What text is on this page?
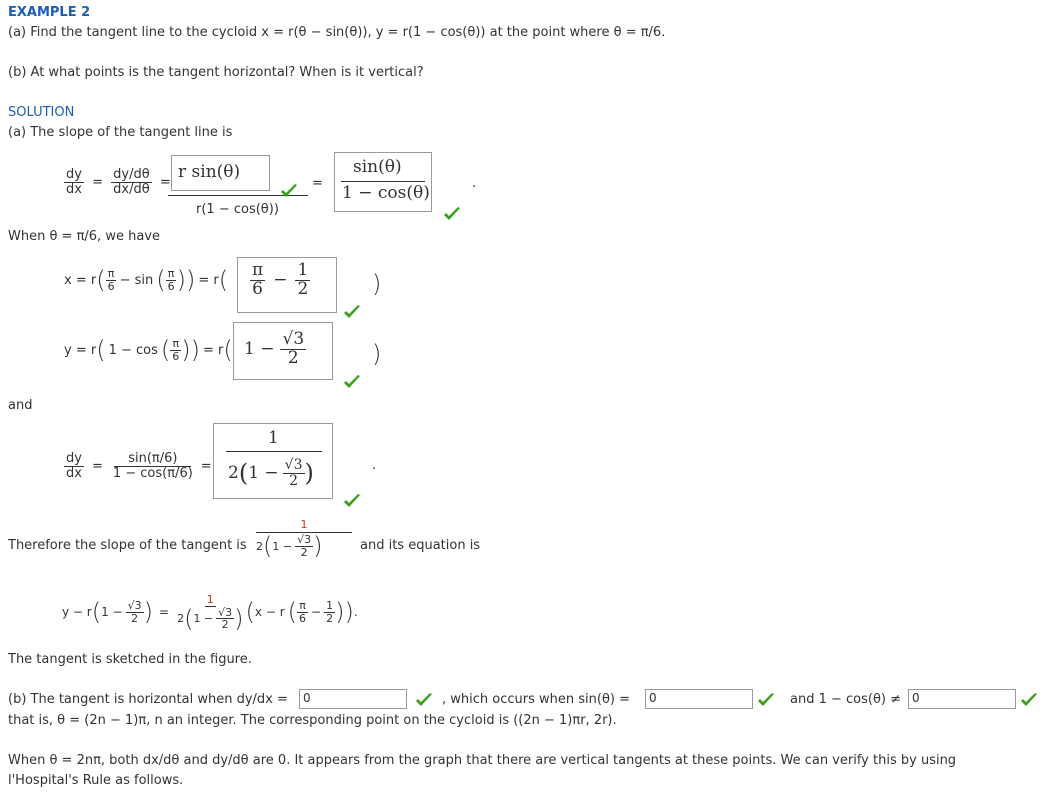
EXAMPLE 2
(a) Find the tangent line to the cycloid x = r(θ − sin(θ)), y = r(1 − cos(θ)) at the point where θ = π/6.
(b) At what points is the tangent horizontal? When is it vertical?
SOLUTION
(a) The slope of the tangent line is
$\frac{dy}{dx} = \frac{dy/d\theta}{dx/d\theta}$ =
r sin(θ)
r(1 − cos(θ))
=
sin(θ)
1 − cos(θ)	.
When θ = π/6, we have
x = r ( $\frac{\pi}{6} - \sin$ ( $\frac{\pi}{6}$ )) = r ( $\frac{\pi}{6} - \frac{1}{2}$	)
y = r ( 1 − cos ( $\frac{\pi}{6}$ )) = r ( $1 - \frac{√3}{2}$	)
and
$\frac{dy}{dx} = \frac{\sin(\pi/6)}{1 - \cos(\pi/6)}$ =
1
2 ( $1 - \frac{√3}{2}$ )	.
Therefore the slope of the tangent is
1
2 ( $1 - \frac{√3}{2}$ )	and its equation is
y − r ( $1 - \frac{√3}{2}$ ) = $\frac{1}{2 ( 1 - \frac{√3}{2} )}$ ( x − r ( $\frac{\pi}{6} - \frac{1}{2}$ )) .
The tangent is sketched in the figure.
(b) The tangent is horizontal when dy/dx = 0	, which occurs when sin(θ) = 0	and 1 − cos(θ) ≠ 0
that is, θ = (2n − 1)π, n an integer. The corresponding point on the cycloid is ((2n − 1)πr, 2r).
When θ = 2nπ, both dx/dθ and dy/dθ are 0. It appears from the graph that there are vertical tangents at these points. We can verify this by using
l'Hospital's Rule as follows.
